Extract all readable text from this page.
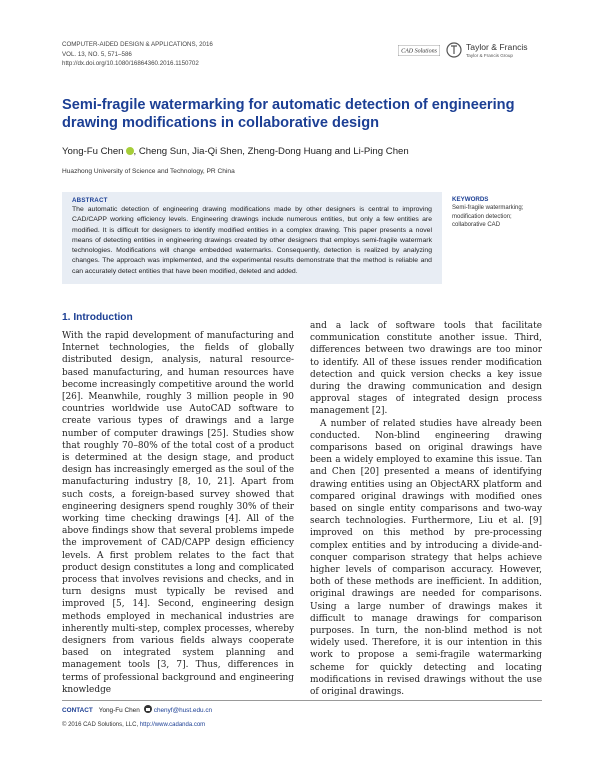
COMPUTER-AIDED DESIGN & APPLICATIONS, 2016
VOL. 13, NO. 5, 571–586
http://dx.doi.org/10.1080/16864360.2016.1150702
CAD Solutions	Taylor & Francis
Taylor & Francis Group
Semi-fragile watermarking for automatic detection of engineering drawing modifications in collaborative design
Yong-Fu Chen , Cheng Sun, Jia-Qi Shen, Zheng-Dong Huang and Li-Ping Chen
Huazhong University of Science and Technology, PR China
ABSTRACT
The automatic detection of engineering drawing modifications made by other designers is central to improving CAD/CAPP working efficiency levels. Engineering drawings include numerous entities, but only a few entities are modified. It is difficult for designers to identify modified entities in a complex drawing. This paper presents a novel means of detecting entities in engineering drawings created by other designers that employs semi-fragile watermark technologies. Modifications will change embedded watermarks. Consequently, detection is realized by analyzing changes. The approach was implemented, and the experimental results demonstrate that the method is reliable and can accurately detect entities that have been modified, deleted and added.
KEYWORDS
Semi-fragile watermarking;
modification detection;
collaborative CAD
1. Introduction

With the rapid development of manufacturing and Internet technologies, the fields of globally distributed design, analysis, natural resource-based manufacturing, and human resources have become increasingly competitive around the world [26]. Meanwhile, roughly 3 million people in 90 countries worldwide use AutoCAD software to create various types of drawings and a large number of computer drawings [25]. Studies show that roughly 70–80% of the total cost of a product is determined at the design stage, and product design has increasingly emerged as the soul of the manufacturing industry [8, 10, 21]. Apart from such costs, a foreign-based survey showed that engineering designers spend roughly 30% of their working time checking drawings [4]. All of the above findings show that several problems impede the improvement of CAD/CAPP design efficiency levels. A first problem relates to the fact that product design constitutes a long and complicated process that involves revisions and checks, and in turn designs must typically be revised and improved [5, 14]. Second, engineering design methods employed in mechanical industries are inherently multi-step, complex processes, whereby designers from various fields always cooperate based on integrated system planning and management tools [3, 7]. Thus, differences in terms of professional background and engineering knowledge

and a lack of software tools that facilitate communication constitute another issue. Third, differences between two drawings are too minor to identify. All of these issues render modification detection and quick version checks a key issue during the drawing communication and design approval stages of integrated design process management [2].

A number of related studies have already been conducted. Non-blind engineering drawing comparisons based on original drawings have been a widely employed to examine this issue. Tan and Chen [20] presented a means of identifying drawing entities using an ObjectARX platform and compared original drawings with modified ones based on single entity comparisons and two-way search technologies. Furthermore, Liu et al. [9] improved on this method by pre-processing complex entities and by introducing a divide-and-conquer comparison strategy that helps achieve higher levels of comparison accuracy. However, both of these methods are inefficient. In addition, original drawings are needed for comparisons. Using a large number of drawings makes it difficult to manage drawings for comparison purposes. In turn, the non-blind method is not widely used. Therefore, it is our intention in this work to propose a semi-fragile watermarking scheme for quickly detecting and locating modifications in revised drawings without the use of original drawings.

CONTACT Yong-Fu Chen chenyf@hust.edu.cn
© 2016 CAD Solutions, LLC, http://www.cadanda.com
